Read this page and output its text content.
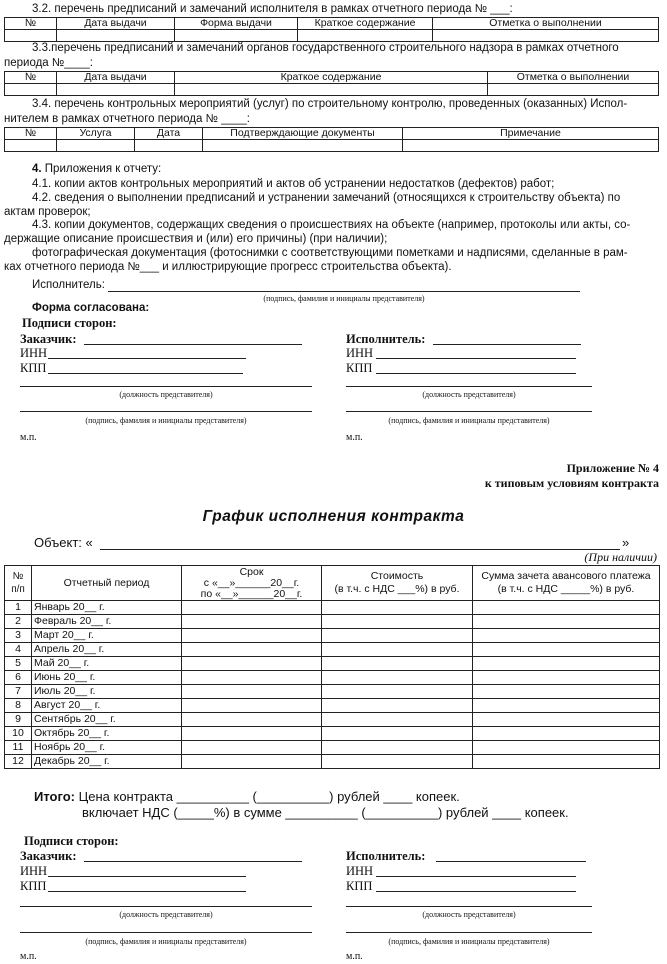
3.2. перечень предписаний и замечаний исполнителя в рамках отчетного периода № ___:
№	Дата выдачи	Форма выдачи	Краткое содержание	Отметка о выполнении

3.3.перечень предписаний и замечаний органов государственного строительного надзора в рамках отчетного
периода №____:
№	Дата выдачи	Краткое содержание	Отметка о выполнении

3.4. перечень контрольных мероприятий (услуг) по строительному контролю, проведенных (оказанных) Испол-
нителем в рамках отчетного периода № ____:
№	Услуга	Дата	Подтверждающие документы	Примечание

4. Приложения к отчету:
4.1. копии актов контрольных мероприятий и актов об устранении недостатков (дефектов) работ;
4.2. сведения о выполнении предписаний и устранении замечаний (относящихся к строительству объекта) по
актам проверок;
4.3. копии документов, содержащих сведения о происшествиях на объекте (например, протоколы или акты, со-
держащие описание происшествия и (или) его причины) (при наличии);
фотографическая документация (фотоснимки с соответствующими пометками и надписями, сделанные в рам-
ках отчетного периода №___ и иллюстрирующие прогресс строительства объекта).
Исполнитель:
(подпись, фамилия и инициалы представителя)
Форма согласована:
Подписи сторон:
Заказчик:
ИНН
КПП
(должность представителя)
(подпись, фамилия и инициалы представителя)
м.п.
Исполнитель:
ИНН
КПП
(должность представителя)
(подпись, фамилия и инициалы представителя)
м.п.
Приложение № 4
к типовым условиям контракта
График исполнения контракта
Объект: «	»
(При наличии)
№
п/п	Отчетный период	Срок
с «__»______20__г.
по «__»______20__г.	Стоимость
(в т.ч. с НДС ___%) в руб.	Сумма зачета авансового платежа
(в т.ч. с НДС _____%) в руб.
1	Январь 20__ г.			
2	Февраль 20__ г.			
3	Март 20__ г.			
4	Апрель 20__ г.			
5	Май 20__ г.			
6	Июнь 20__ г.			
7	Июль 20__ г.			
8	Август 20__ г.			
9	Сентябрь 20__ г.			
10	Октябрь 20__ г.			
11	Ноябрь 20__ г.			
12	Декабрь 20__ г.			
Итого: Цена контракта __________ (__________) рублей ____ копеек.
включает НДС (_____%) в сумме __________ (__________) рублей ____ копеек.
Подписи сторон:
Заказчик:
ИНН
КПП
(должность представителя)
(подпись, фамилия и инициалы представителя)
м.п.
Исполнитель:
ИНН
КПП
(должность представителя)
(подпись, фамилия и инициалы представителя)
м.п.
